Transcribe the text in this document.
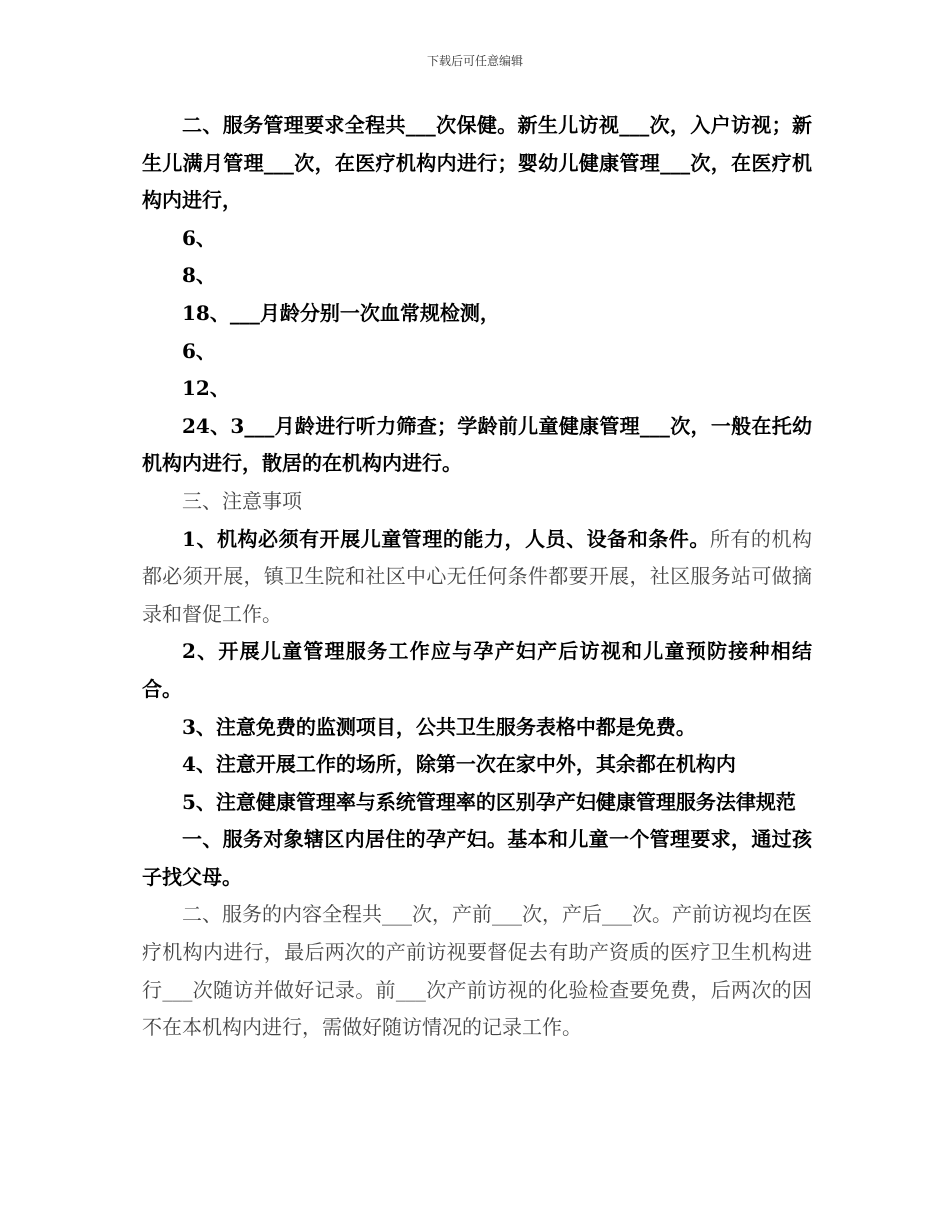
下载后可任意编辑

二、服务管理要求全程共___次保健。新生儿访视___次，入户访视；新生儿满月管理___次，在医疗机构内进行；婴幼儿健康管理___次，在医疗机构内进行，

6、

8、

18、___月龄分别一次血常规检测，

6、

12、

24、3___月龄进行听力筛查；学龄前儿童健康管理___次，一般在托幼机构内进行，散居的在机构内进行。

三、注意事项

1、机构必须有开展儿童管理的能力，人员、设备和条件。所有的机构都必须开展，镇卫生院和社区中心无任何条件都要开展，社区服务站可做摘录和督促工作。

2、开展儿童管理服务工作应与孕产妇产后访视和儿童预防接种相结合。

3、注意免费的监测项目，公共卫生服务表格中都是免费。

4、注意开展工作的场所，除第一次在家中外，其余都在机构内

5、注意健康管理率与系统管理率的区别孕产妇健康管理服务法律规范

一、服务对象辖区内居住的孕产妇。基本和儿童一个管理要求，通过孩子找父母。

二、服务的内容全程共___次，产前___次，产后___次。产前访视均在医疗机构内进行，最后两次的产前访视要督促去有助产资质的医疗卫生机构进行___次随访并做好记录。前___次产前访视的化验检查要免费，后两次的因不在本机构内进行，需做好随访情况的记录工作。
